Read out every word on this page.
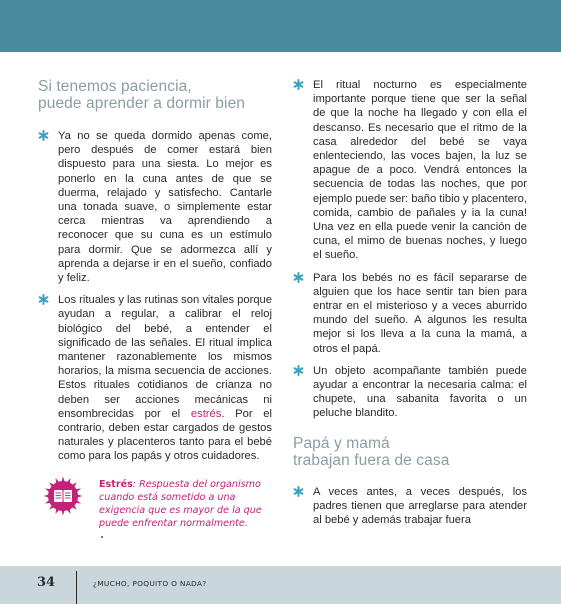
Si tenemos paciencia,
puede aprender a dormir bien
Ya no se queda dormido apenas come, pero después de comer estará bien dispuesto para una siesta. Lo mejor es ponerlo en la cuna antes de que se duerma, relajado y satisfecho. Cantarle una tonada suave, o simplemente estar cerca mientras va aprendiendo a reconocer que su cuna es un estímulo para dormir. Que se adormezca allí y aprenda a dejarse ir en el sueño, confiado y feliz.
Los rituales y las rutinas son vitales porque ayudan a regular, a calibrar el reloj biológico del bebé, a entender el significado de las señales. El ritual implica mantener razonablemente los mismos horarios, la misma secuencia de acciones. Estos rituales cotidianos de crianza no deben ser acciones mecánicas ni ensombrecidas por el estrés. Por el contrario, deben estar cargados de gestos naturales y placenteros tanto para el bebé como para los papás y otros cuidadores.
Estrés: Respuesta del organismo cuando está sometido a una exigencia que es mayor de la que puede enfrentar normalmente.
El ritual nocturno es especialmente importante porque tiene que ser la señal de que la noche ha llegado y con ella el descanso. Es necesario que el ritmo de la casa alrededor del bebé se vaya enlenteciendo, las voces bajen, la luz se apague de a poco. Vendrá entonces la secuencia de todas las noches, que por ejemplo puede ser: baño tibio y placentero, comida, cambio de pañales y ia la cuna! Una vez en ella puede venir la canción de cuna, el mimo de buenas noches, y luego el sueño.
Para los bebés no es fácil separarse de alguien que los hace sentir tan bien para entrar en el misterioso y a veces aburrido mundo del sueño. A algunos les resulta mejor si los lleva a la cuna la mamá, a otros el papá.
Un objeto acompañante también puede ayudar a encontrar la necesaria calma: el chupete, una sabanita favorita o un peluche blandito.
Papá y mamá
trabajan fuera de casa
A veces antes, a veces después, los padres tienen que arreglarse para atender al bebé y además trabajar fuera
34	¿MUCHO, POQUITO O NADA?
